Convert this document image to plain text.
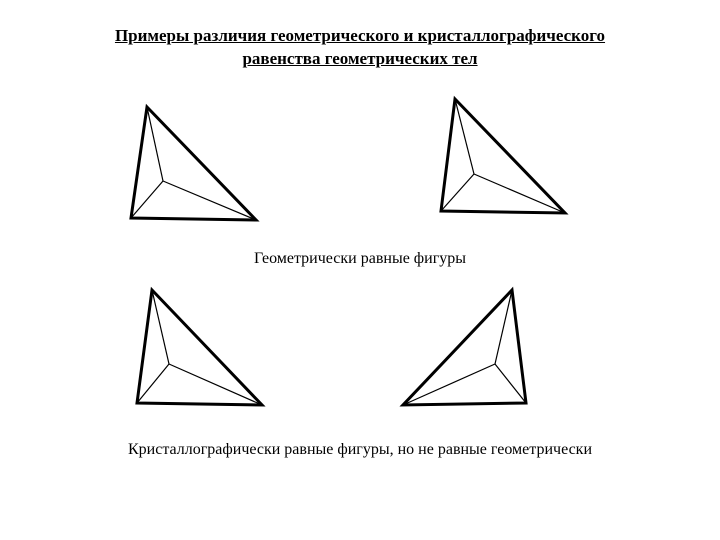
Примеры различия геометрического и кристаллографического
равенства геометрических тел
Геометрически равные фигуры
Кристаллографически равные фигуры, но не равные геометрически
